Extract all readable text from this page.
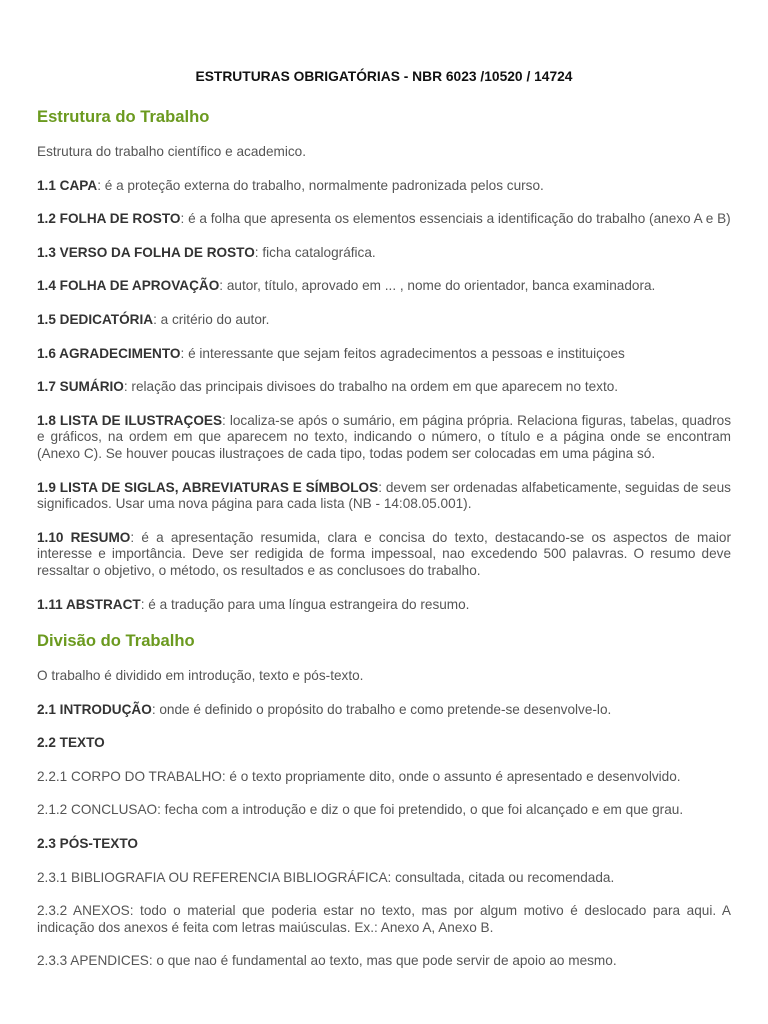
ESTRUTURAS OBRIGATÓRIAS - NBR 6023 /10520 / 14724
Estrutura do Trabalho

Estrutura do trabalho científico e academico.

1.1 CAPA: é a proteção externa do trabalho, normalmente padronizada pelos curso.

1.2 FOLHA DE ROSTO: é a folha que apresenta os elementos essenciais a identificação do trabalho (anexo A e B)

1.3 VERSO DA FOLHA DE ROSTO: ficha catalográfica.

1.4 FOLHA DE APROVAÇÃO: autor, título, aprovado em ... , nome do orientador, banca examinadora.

1.5 DEDICATÓRIA: a critério do autor.

1.6 AGRADECIMENTO: é interessante que sejam feitos agradecimentos a pessoas e instituiçoes

1.7 SUMÁRIO: relação das principais divisoes do trabalho na ordem em que aparecem no texto.

1.8 LISTA DE ILUSTRAÇOES: localiza-se após o sumário, em página própria. Relaciona figuras, tabelas, quadros e gráficos, na ordem em que aparecem no texto, indicando o número, o título e a página onde se encontram (Anexo C). Se houver poucas ilustraçoes de cada tipo, todas podem ser colocadas em uma página só.

1.9 LISTA DE SIGLAS, ABREVIATURAS E SÍMBOLOS: devem ser ordenadas alfabeticamente, seguidas de seus significados. Usar uma nova página para cada lista (NB - 14:08.05.001).

1.10 RESUMO: é a apresentação resumida, clara e concisa do texto, destacando-se os aspectos de maior interesse e importância. Deve ser redigida de forma impessoal, nao excedendo 500 palavras. O resumo deve ressaltar o objetivo, o método, os resultados e as conclusoes do trabalho.

1.11 ABSTRACT: é a tradução para uma língua estrangeira do resumo.

Divisão do Trabalho

O trabalho é dividido em introdução, texto e pós-texto.

2.1 INTRODUÇÃO: onde é definido o propósito do trabalho e como pretende-se desenvolve-lo.

2.2 TEXTO

2.2.1 CORPO DO TRABALHO: é o texto propriamente dito, onde o assunto é apresentado e desenvolvido.

2.1.2 CONCLUSAO: fecha com a introdução e diz o que foi pretendido, o que foi alcançado e em que grau.

2.3 PÓS-TEXTO

2.3.1 BIBLIOGRAFIA OU REFERENCIA BIBLIOGRÁFICA: consultada, citada ou recomendada.

2.3.2 ANEXOS: todo o material que poderia estar no texto, mas por algum motivo é deslocado para aqui. A indicação dos anexos é feita com letras maiúsculas. Ex.: Anexo A, Anexo B.

2.3.3 APENDICES: o que nao é fundamental ao texto, mas que pode servir de apoio ao mesmo.
